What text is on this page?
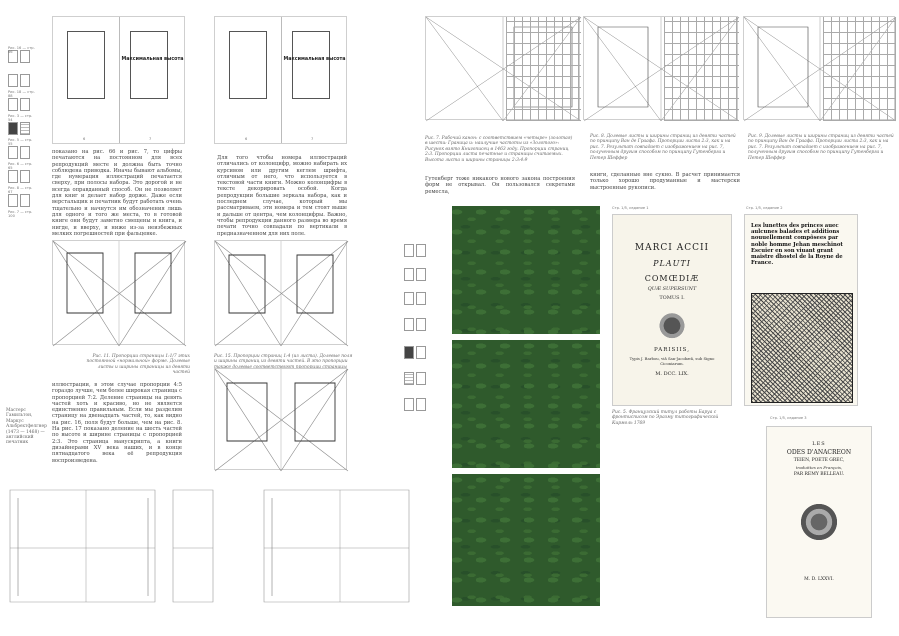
Максимальная высота
6	7
Максимальная высота
6	7
Рис. 16 — стр. 66
Рис. 18 — стр. 88
Рис. 3 — стр. 54
Рис. 5 — стр. 55
Рис. 6 — стр. 65
Рис. 8 — стр. 67
Рис. 7 — стр. 100
показано на рис. 66 и рис. 7, то цифры печатаются на постоянном для всех репродукций месте и должна быть точно соблюдена приводка. Иначы бывают альбомы, где нумерация иллюстраций печатается сверху, при полосы набора. Это дорогой и не всегда оправданный способ. Он не позволяет для книг и делает набор дорже. Даже если верстальщик и печатник будут работать очень тщательно и начнутся им обозначения лишь для одного и того же места, то в готовой книге они будут заметно смещены и книга, и нигде, и вверху, и ниже из-за неизбежных мелких погрешностей при фальцевке.
Для того чтобы номера иллюстраций отличались от колонцифр, можно набирать их курсивом или другим кеглем шрифта, отличным от него, что используется в текстовой части книги. Можно колонцифры в тексте декорировать особой. Когда репродукции большие зеркала набора, как и последнем случае, который мы рассматриваем, эти номера и тем стоят выше и дальше от центра, чем колонцифры. Важно, чтобы репродукции данного размера во время печати точно совпадали по вертикали в предназначенном для них поле.
Рис. 11. Пропорции страницы 1:1/7 этих постоянной «нормальной» форме. Долевые листы и ширины страницы из девяти частей
Рис. 15. Пропорции страниц 1:4 (из листа). Долевые поля и ширины страниц из девяти частей. В это пропорции
иллюстрации, в этом случае пропорции 4:5 гораздо лучше, чем более широкая страница с пропорцией 7:2. Деление страницы на девять частей хоть и красиво, но не является единственно правильным. Если мы разделим страницу на двенадцать частей, то, как видно на рис. 16, поля будут больше, чем на рис. 8. На рис. 17 показано деление на шесть частей по высоте и ширине страницы с пропорцией 2:3. Это страница манускрипта, а книги дизайнерами XV века наших, и в конце пятнадцатого века её репродукция воспроизведена.
Мастерс Гамильтон, Маркус Альбрехтфелгнер (1473 — 1468) — английский печатник
Рис. 7. Рабочий канон: с соответствием «четыре» (золотая) в шести: Граница и: наилучше частоты из «Золотого»: Рисунок взято Книгописец в 1463 году. Пропорции страниц 2:3. Пропорции листа печатные и страницы считаемых. Высота листа и ширины страницы 2:3:4:9
Гутенберг тоже никакого нового закона построения форм не открывал. Он пользовался секретами ремесла,
Рис. 8. Долевые листы и ширины страниц из девяти частей по принципу Ван де Граафа. Пропорции листа 2:3, как и на рис. 7. Результат совпадает с изображением на рис. 7, полученным другим способом по принципу Гутенберга и Петер Шеффер
книги, сделанные вне сукно. В расчет принимается только хорошо продуманные и мастерски выстроенные рукописи.
Рис. 9. Долевые листы и ширины страниц из девяти частей по принципу Ван де Граафа. Пропорции листа 2:3, как и на рис. 7. Результат совпадает с изображением на рис. 7, полученным другим способом по принципу Гутенберга и Петер Шеффер
Стр. 1/5, издание 1
MARCI ACCII
PLAUTI
COMŒDIÆ
QUÆ SUPERSUNT
TOMUS I.
PARISIIS,
Typis J. Barbou, viâ San-Jacobæâ, sub Signo Ciconiarum.
M. DCC. LIX.
Рис. 5. Французский титул работы Баруа с фронтисписом по Эразму титографической Кирмоль 1769
Стр. 1/5, издание 2
Les lunettes des princes auec aulcunes balades et additions nouuellement compôsees par noble homme Jehan meschinot Escuier en son viuant grant maistre dhostel de la Royne de France.
Стр. 1/5, издание 3
LES
ODES D'ANACREON
TEIEN, POETE GREC,
traduittes en François,
PAR REMY BELLEAU.
M. D. LXXVI.
